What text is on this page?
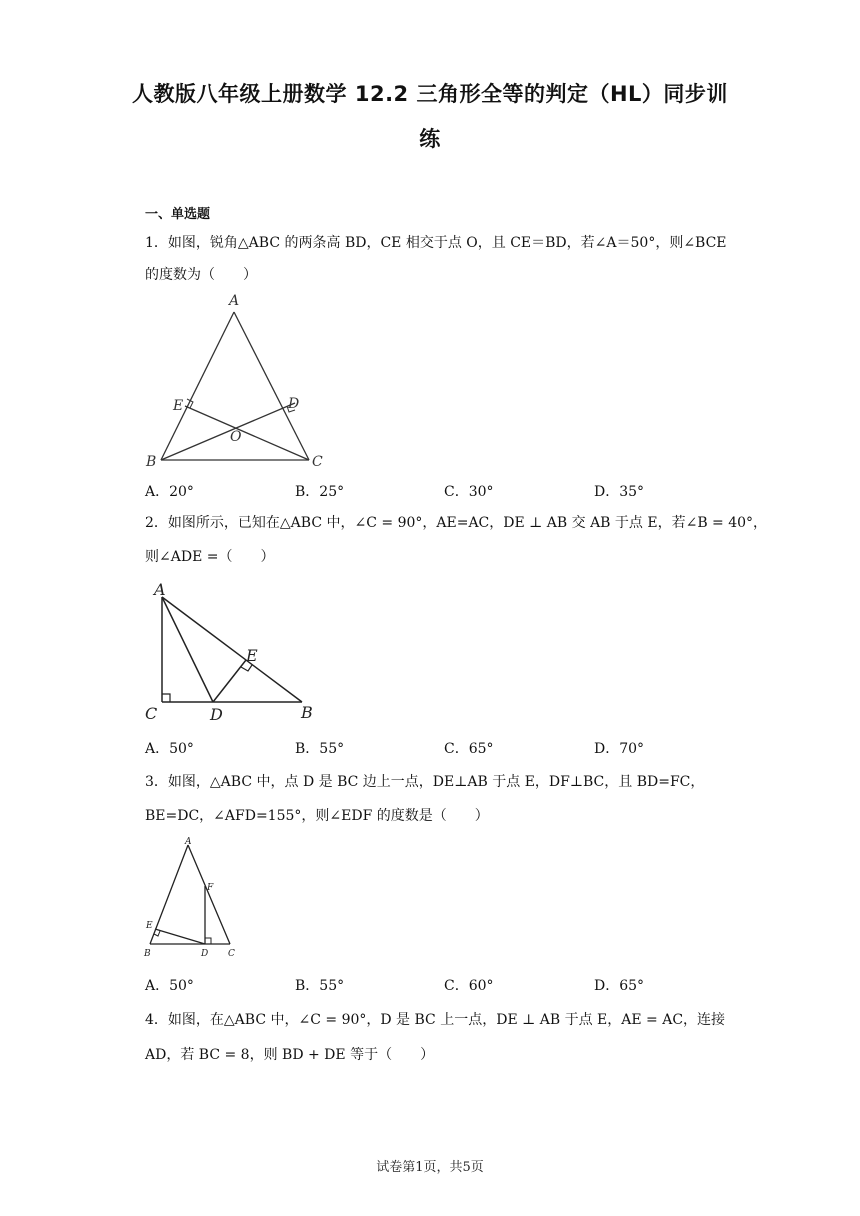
人教版八年级上册数学 12.2 三角形全等的判定（HL）同步训
练
一、单选题
1．如图，锐角△ABC 的两条高 BD，CE 相交于点 O，且 CE＝BD，若∠A＝50°，则∠BCE
的度数为（　　）
A
E	D
O
B	C
A．20°	B．25°	C．30°	D．35°
2．如图所示，已知在△ABC 中，∠C = 90°，AE=AC，DE ⊥ AB 交 AB 于点 E，若∠B = 40°，
则∠ADE =（　　）
A
E
C	D	B
A．50°	B．55°	C．65°	D．70°
3．如图，△ABC 中，点 D 是 BC 边上一点，DE⊥AB 于点 E，DF⊥BC，且 BD=FC，
BE=DC，∠AFD=155°，则∠EDF 的度数是（　　）
A
F
E
B	D C
A．50°	B．55°	C．60°	D．65°
4．如图，在△ABC 中，∠C = 90°，D 是 BC 上一点，DE ⊥ AB 于点 E，AE = AC，连接
AD，若 BC = 8，则 BD + DE 等于（　　）
试卷第1页，共5页
